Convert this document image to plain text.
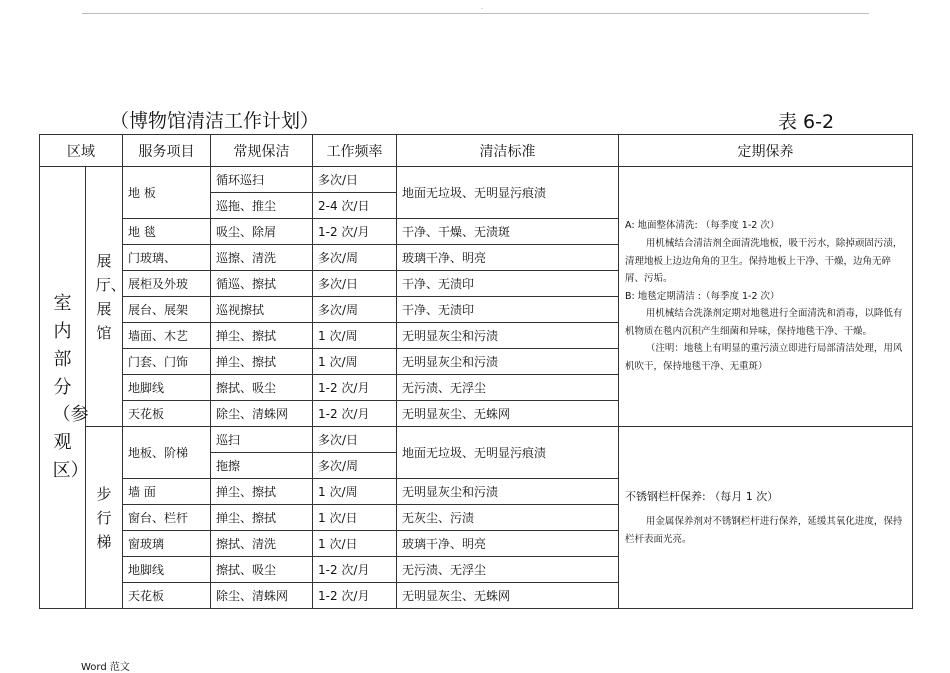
.
（博物馆清洁工作计划）	表 6-2
区域		服务项目	常规保洁	工作频率	清洁标准	定期保养
室内部分（参观区）	展厅、展馆	地 板	循环巡扫	多次/日	地面无垃圾、无明显污痕渍	A: 地面整体清洗: （每季度 1-2 次）
用机械结合清洁剂全面清洗地板，吸干污水，除掉顽固污渍，清理地板上边边角角的卫生。保持地板上干净、干燥，边角无碎屑、污垢。
B: 地毯定期清洁 :（每季度 1-2 次）
用机械结合洗涤剂定期对地毯进行全面清洗和消毒，以降低有机物质在毯内沉积产生细菌和异味，保持地毯干净、干燥。
（注明：地毯上有明显的重污渍立即进行局部清洁处理，用风机吹干，保持地毯干净、无重斑）

			巡拖、推尘	2-4 次/日		
		地 毯	吸尘、除屑	1-2 次/月	干净、干燥、无渍斑	
		门玻璃、	巡擦、清洗	多次/周	玻璃干净、明亮	
		展柜及外玻	循巡、擦拭	多次/日	干净、无渍印	
		展台、展架	巡视擦拭	多次/周	干净、无渍印	
		墙面、木艺	掸尘、擦拭	1 次/周	无明显灰尘和污渍	
		门套、门饰	掸尘、擦拭	1 次/周	无明显灰尘和污渍	
		地脚线	擦拭、吸尘	1-2 次/月	无污渍、无浮尘	
		天花板	除尘、清蛛网	1-2 次/月	无明显灰尘、无蛛网	
	步行梯	地板、阶梯	巡扫	多次/日	地面无垃圾、无明显污痕渍	不锈钢栏杆保养: （每月 1 次）
用金属保养剂对不锈钢栏杆进行保养，延缓其氧化进度，保持栏杆表面光亮。

			拖擦	多次/周		
		墙 面	掸尘、擦拭	1 次/周	无明显灰尘和污渍	
		窗台、栏杆	掸尘、擦拭	1 次/日	无灰尘、污渍	
		窗玻璃	擦拭、清洗	1 次/日	玻璃干净、明亮	
		地脚线	擦拭、吸尘	1-2 次/月	无污渍、无浮尘	
		天花板	除尘、清蛛网	1-2 次/月	无明显灰尘、无蛛网	
Word 范文
